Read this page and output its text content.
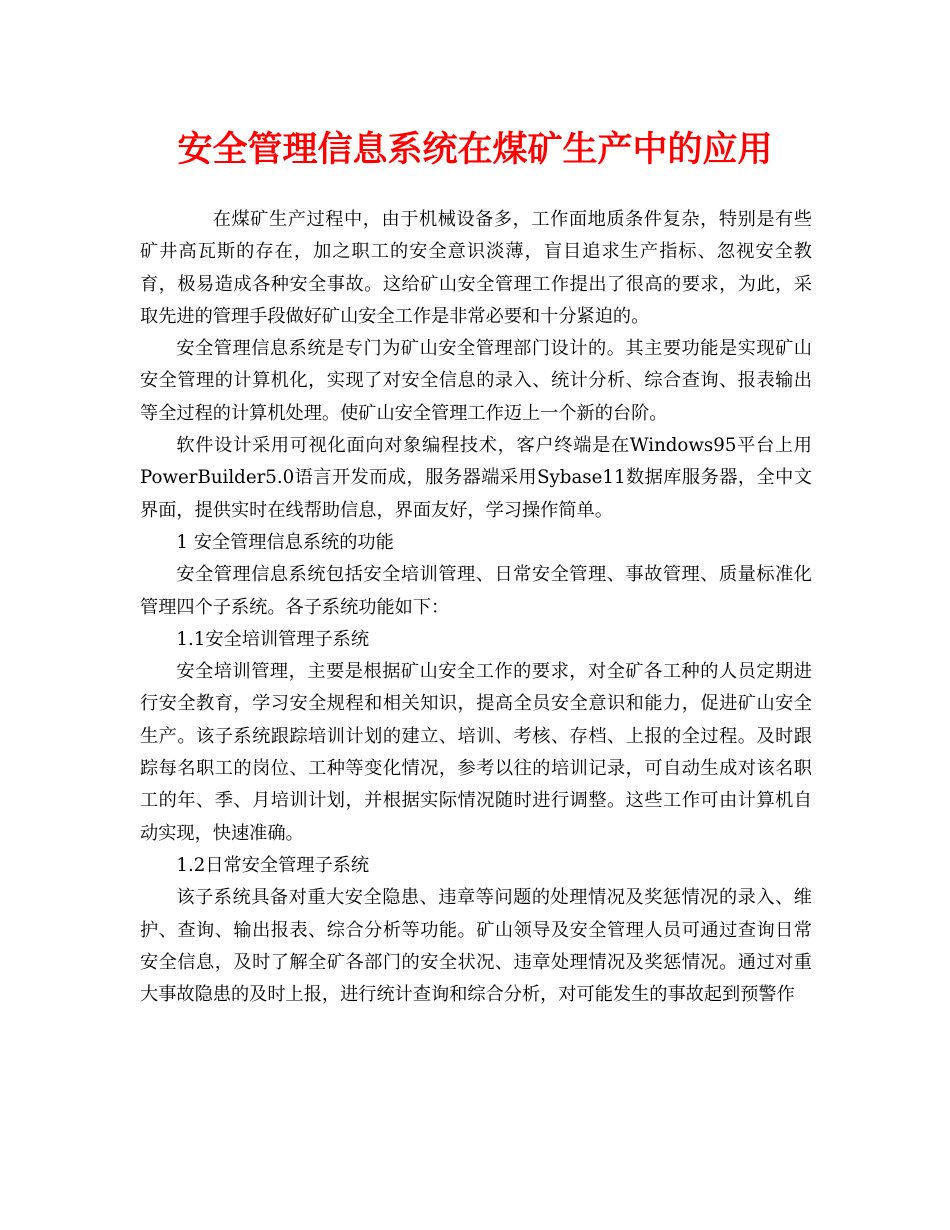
安全管理信息系统在煤矿生产中的应用

在煤矿生产过程中，由于机械设备多，工作面地质条件复杂，特别是有些矿井高瓦斯的存在，加之职工的安全意识淡薄，盲目追求生产指标、忽视安全教育，极易造成各种安全事故。这给矿山安全管理工作提出了很高的要求，为此，采取先进的管理手段做好矿山安全工作是非常必要和十分紧迫的。

安全管理信息系统是专门为矿山安全管理部门设计的。其主要功能是实现矿山安全管理的计算机化，实现了对安全信息的录入、统计分析、综合查询、报表输出等全过程的计算机处理。使矿山安全管理工作迈上一个新的台阶。

软件设计采用可视化面向对象编程技术，客户终端是在Windows95平台上用PowerBuilder5.0语言开发而成，服务器端采用Sybase11数据库服务器，全中文界面，提供实时在线帮助信息，界面友好，学习操作简单。

1 安全管理信息系统的功能

安全管理信息系统包括安全培训管理、日常安全管理、事故管理、质量标准化管理四个子系统。各子系统功能如下：

1.1安全培训管理子系统

安全培训管理，主要是根据矿山安全工作的要求，对全矿各工种的人员定期进行安全教育，学习安全规程和相关知识，提高全员安全意识和能力，促进矿山安全生产。该子系统跟踪培训计划的建立、培训、考核、存档、上报的全过程。及时跟踪每名职工的岗位、工种等变化情况，参考以往的培训记录，可自动生成对该名职工的年、季、月培训计划，并根据实际情况随时进行调整。这些工作可由计算机自动实现，快速准确。

1.2日常安全管理子系统

该子系统具备对重大安全隐患、违章等问题的处理情况及奖惩情况的录入、维护、查询、输出报表、综合分析等功能。矿山领导及安全管理人员可通过查询日常安全信息，及时了解全矿各部门的安全状况、违章处理情况及奖惩情况。通过对重大事故隐患的及时上报，进行统计查询和综合分析，对可能发生的事故起到预警作
